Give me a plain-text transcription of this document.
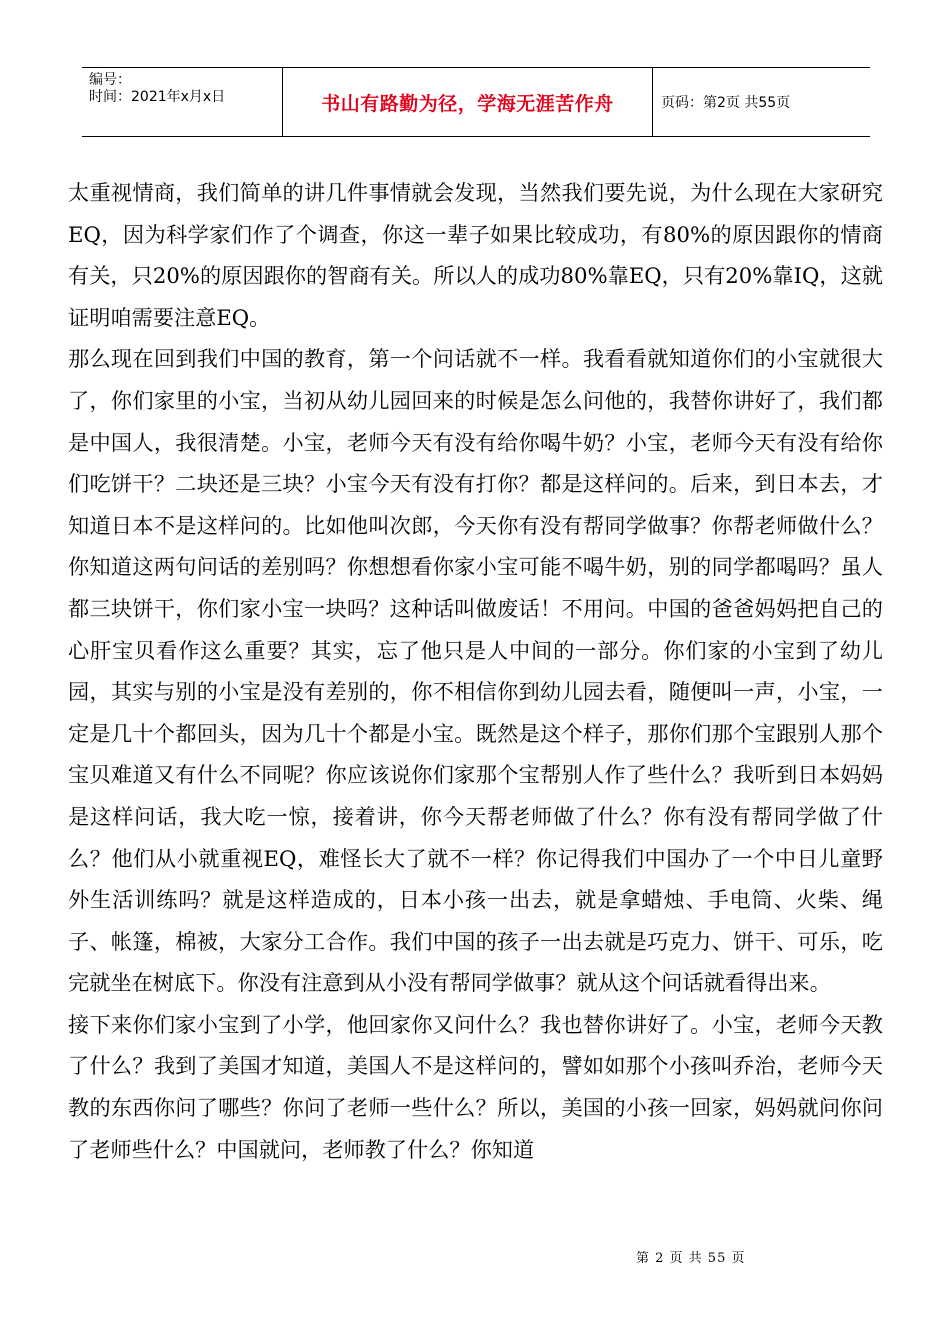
编号：
时间：2021年x月x日	书山有路勤为径，学海无涯苦作舟	页码：第2页 共55页

太重视情商，我们简单的讲几件事情就会发现，当然我们要先说，为什么现在大家研究EQ，因为科学家们作了个调查，你这一辈子如果比较成功，有80%的原因跟你的情商有关，只20%的原因跟你的智商有关。所以人的成功80%靠EQ，只有20%靠IQ，这就证明咱需要注意EQ。

那么现在回到我们中国的教育，第一个问话就不一样。我看看就知道你们的小宝就很大了，你们家里的小宝，当初从幼儿园回来的时候是怎么问他的，我替你讲好了，我们都是中国人，我很清楚。小宝，老师今天有没有给你喝牛奶？小宝，老师今天有没有给你们吃饼干？二块还是三块？小宝今天有没有打你？都是这样问的。后来，到日本去，才知道日本不是这样问的。比如他叫次郎，今天你有没有帮同学做事？你帮老师做什么？你知道这两句问话的差别吗？你想想看你家小宝可能不喝牛奶，别的同学都喝吗？虽人都三块饼干，你们家小宝一块吗？这种话叫做废话！不用问。中国的爸爸妈妈把自己的心肝宝贝看作这么重要？其实，忘了他只是人中间的一部分。你们家的小宝到了幼儿园，其实与别的小宝是没有差别的，你不相信你到幼儿园去看，随便叫一声，小宝，一定是几十个都回头，因为几十个都是小宝。既然是这个样子，那你们那个宝跟别人那个宝贝难道又有什么不同呢？你应该说你们家那个宝帮别人作了些什么？我听到日本妈妈是这样问话，我大吃一惊，接着讲，你今天帮老师做了什么？你有没有帮同学做了什么？他们从小就重视EQ，难怪长大了就不一样？你记得我们中国办了一个中日儿童野外生活训练吗？就是这样造成的，日本小孩一出去，就是拿蜡烛、手电筒、火柴、绳子、帐篷，棉被，大家分工合作。我们中国的孩子一出去就是巧克力、饼干、可乐，吃完就坐在树底下。你没有注意到从小没有帮同学做事？就从这个问话就看得出来。

接下来你们家小宝到了小学，他回家你又问什么？我也替你讲好了。小宝，老师今天教了什么？我到了美国才知道，美国人不是这样问的，譬如如那个小孩叫乔治，老师今天教的东西你问了哪些？你问了老师一些什么？所以，美国的小孩一回家，妈妈就问你问了老师些什么？中国就问，老师教了什么？你知道

第 2 页 共 55 页
